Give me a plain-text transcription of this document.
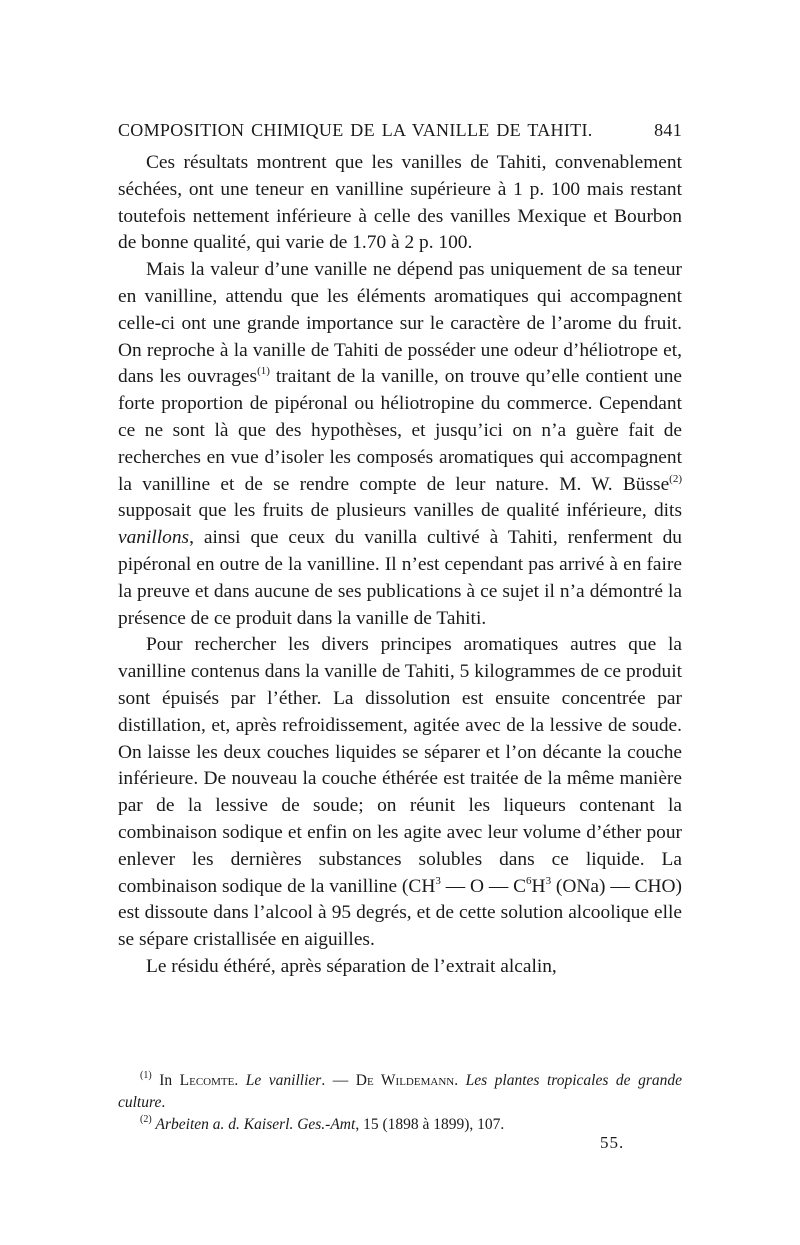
COMPOSITION CHIMIQUE DE LA VANILLE DE TAHITI.	841

Ces résultats montrent que les vanilles de Tahiti, convenablement séchées, ont une teneur en vanilline supérieure à 1 p. 100 mais restant toutefois nettement inférieure à celle des vanilles Mexique et Bourbon de bonne qualité, qui varie de 1.70 à 2 p. 100.

Mais la valeur d’une vanille ne dépend pas uniquement de sa teneur en vanilline, attendu que les éléments aromatiques qui accompagnent celle-ci ont une grande importance sur le caractère de l’arome du fruit. On reproche à la vanille de Tahiti de posséder une odeur d’héliotrope et, dans les ouvrages$^{(1)}$ traitant de la vanille, on trouve qu’elle contient une forte proportion de pipéronal ou héliotropine du commerce. Cependant ce ne sont là que des hypothèses, et jusqu’ici on n’a guère fait de recherches en vue d’isoler les composés aromatiques qui accompagnent la vanilline et de se rendre compte de leur nature. M. W. Büsse$^{(2)}$ supposait que les fruits de plusieurs vanilles de qualité inférieure, dits vanillons, ainsi que ceux du vanilla cultivé à Tahiti, renferment du pipéronal en outre de la vanilline. Il n’est cependant pas arrivé à en faire la preuve et dans aucune de ses publications à ce sujet il n’a démontré la présence de ce produit dans la vanille de Tahiti.

Pour rechercher les divers principes aromatiques autres que la vanilline contenus dans la vanille de Tahiti, 5 kilogrammes de ce produit sont épuisés par l’éther. La dissolution est ensuite concentrée par distillation, et, après refroidissement, agitée avec de la lessive de soude. On laisse les deux couches liquides se séparer et l’on décante la couche inférieure. De nouveau la couche éthérée est traitée de la même manière par de la lessive de soude; on réunit les liqueurs contenant la combinaison sodique et enfin on les agite avec leur volume d’éther pour enlever les dernières substances solubles dans ce liquide. La combinaison sodique de la vanilline ($CH^3$ — O — $C^6H^3$ (ONa) — CHO) est dissoute dans l’alcool à 95 degrés, et de cette solution alcoolique elle se sépare cristallisée en aiguilles.

Le résidu éthéré, après séparation de l’extrait alcalin,

$^{(1)}$ In Lecomte. Le vanillier. — De Wildemann. Les plantes tropicales de grande culture.

$^{(2)}$ Arbeiten a. d. Kaiserl. Ges.-Amt, 15 (1898 à 1899), 107.

55.
